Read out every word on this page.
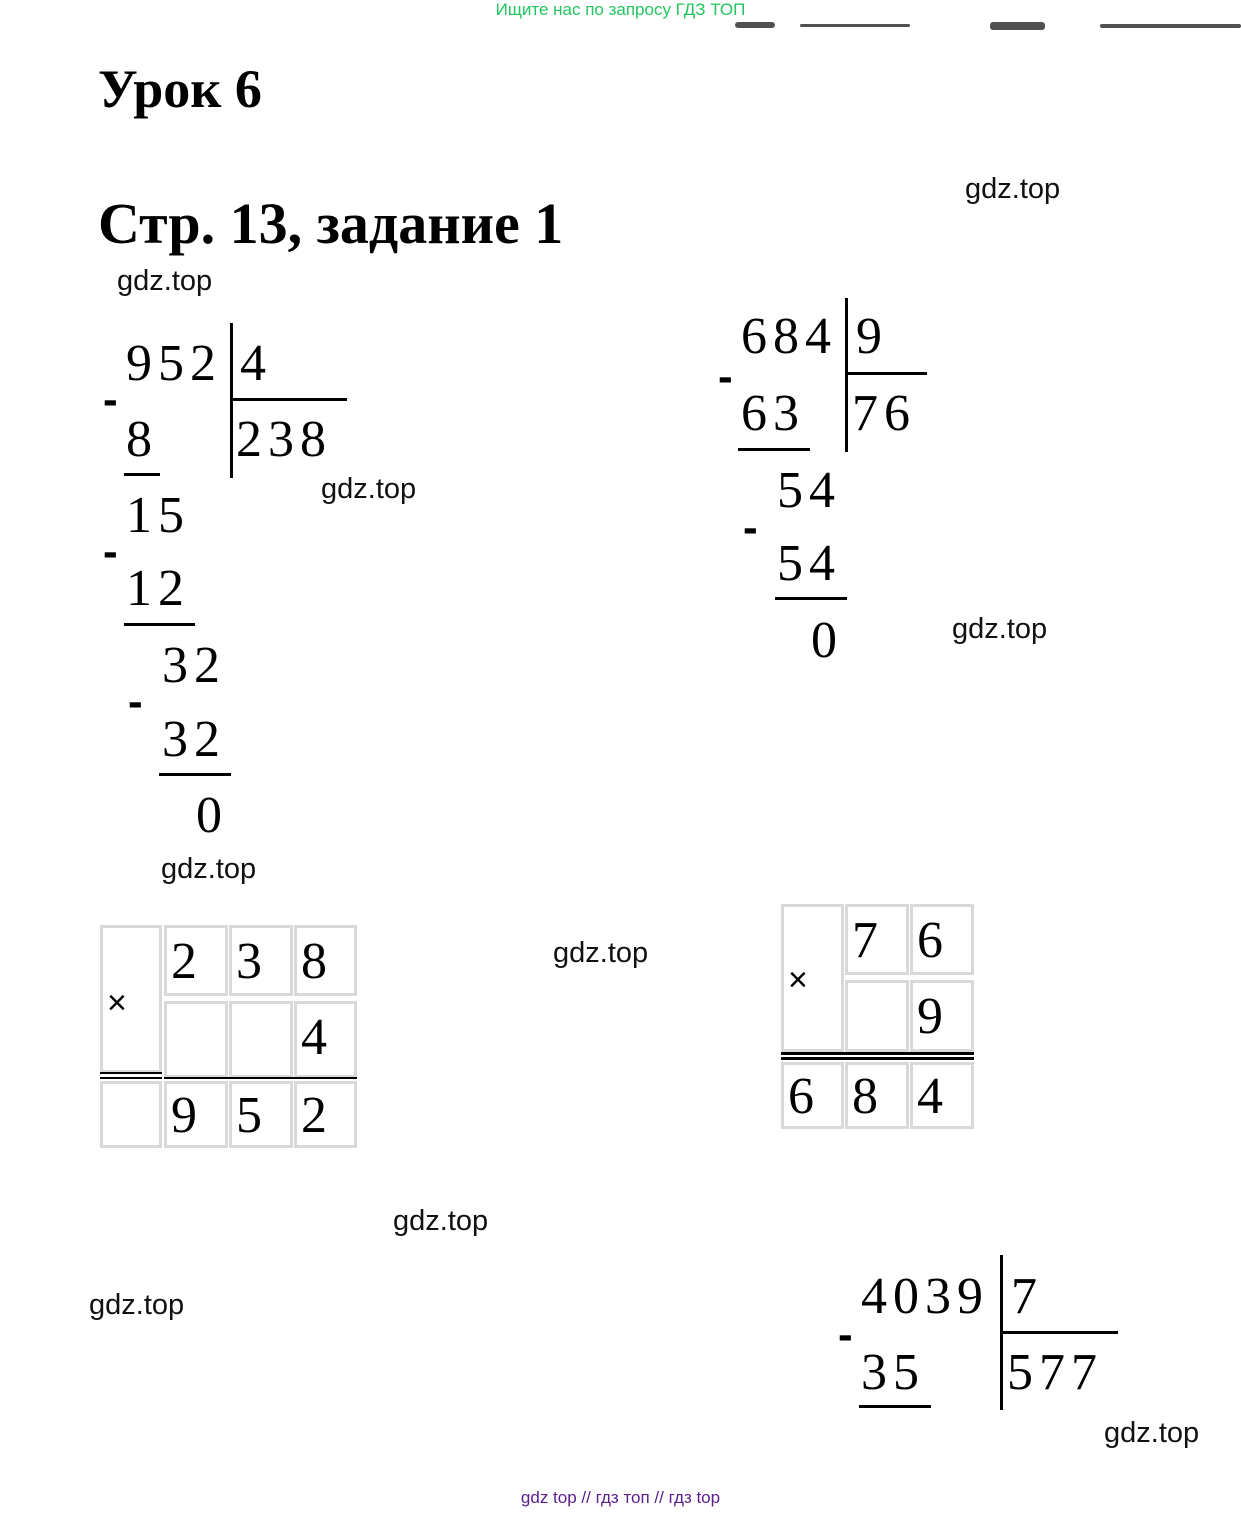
Ищите нас по запросу ГДЗ ТОП
Урок 6
Стр. 13, задание 1
gdz.top
gdz.top
gdz.top
gdz.top
gdz.top
gdz.top
gdz.top
gdz.top
gdz.top
952 4
238
-
8
15
-
12
32
-
32
0
684 9
76
-
63
54
-
54
0
×
2 3 8
4
9 5 2
×
7 6
9
6 8 4
4039 7
577
-
35
gdz top // гдз топ // гдз top
